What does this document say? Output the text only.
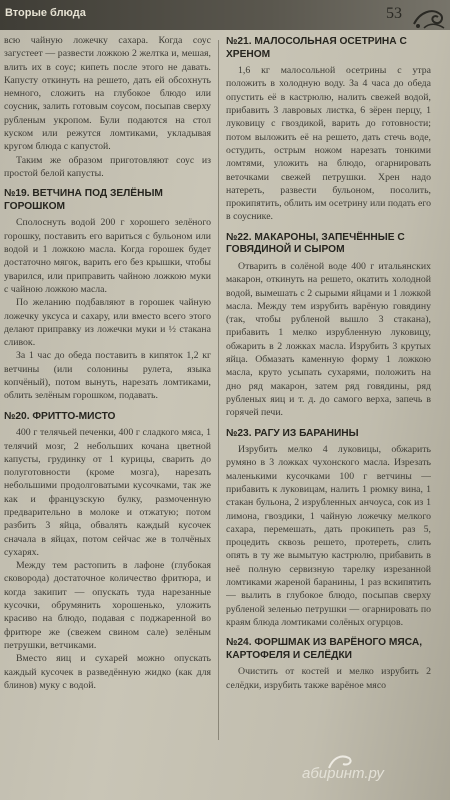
Вторые блюда	53

всю чайную ложечку сахара. Когда соус загустеет — развести ложкою 2 желтка и, мешая, влить их в соус; кипеть после этого не давать. Капусту откинуть на решето, дать ей обсохнуть немного, сложить на глубокое блюдо или соусник, залить готовым соусом, посыпав сверху рубленым укропом. Були подаются на стол куском или режутся ломтиками, укладывая кругом блюда с капустой.

Таким же образом приготовляют соус из простой белой капусты.

№19. ВЕТЧИНА ПОД ЗЕЛЁНЫМ ГОРОШКОМ

Сполоснуть водой 200 г хорошего зелёного горошку, поставить его вариться с бульоном или водой и 1 ложкою масла. Когда горошек будет достаточно мягок, варить его без крышки, чтобы уварился, или приправить чайною ложкою муки с чайною ложкою масла.

По желанию подбавляют в горошек чайную ложечку уксуса и сахару, или вместо всего этого делают приправку из ложечки муки и ½ стакана сливок.

За 1 час до обеда поставить в кипяток 1,2 кг ветчины (или солонины рулета, языка копчёный), потом вынуть, нарезать ломтиками, облить зелёным горошком, подавать.

№20. ФРИТТО-МИСТО

400 г телячьей печенки, 400 г сладкого мяса, 1 телячий мозг, 2 небольших кочана цветной капусты, грудинку от 1 курицы, сварить до полуготовности (кроме мозга), нарезать небольшими продолговатыми кусочками, так же как и французскую булку, размоченную предварительно в молоке и отжатую; потом разбить 3 яйца, обвалять каждый кусочек сначала в яйцах, потом сейчас же в толчёных сухарях.

Между тем растопить в лафоне (глубокая сковорода) достаточное количество фритюра, и когда закипит — опускать туда нарезанные кусочки, обрумянить хорошенько, уложить красиво на блюдо, подавая с поджаренной во фритюре же (свежем свином сале) зелёным петрушки, ветчиками.

Вместо яиц и сухарей можно опускать каждый кусочек в разведённую жидко (как для блинов) муку с водой.

№21. МАЛОСОЛЬНАЯ ОСЕТРИНА С ХРЕНОМ

1,6 кг малосольной осетрины с утра положить в холодную воду. За 4 часа до обеда опустить её в кастрюлю, налить свежей водой, прибавить 3 лавровых листка, 6 зёрен перцу, 1 луковицу с гвоздикой, варить до готовности; потом выложить её на решето, дать стечь воде, остудить, острым ножом нарезать тонкими ломтями, уложить на блюдо, огарнировать веточками свежей петрушки. Хрен надо натереть, развести бульоном, посолить, прокипятить, облить им осетрину или подать его в соуснике.

№22. МАКАРОНЫ, ЗАПЕЧЁННЫЕ С ГОВЯДИНОЙ И СЫРОМ

Отварить в солёной воде 400 г итальянских макарон, откинуть на решето, окатить холодной водой, вымешать с 2 сырыми яйцами и 1 ложкой масла. Между тем изрубить варёную говядину (так, чтобы рубленой вышло 3 стакана), прибавить 1 мелко изрубленную луковицу, обжарить в 2 ложках масла. Изрубить 3 крутых яйца. Обмазать каменную форму 1 ложкою масла, круто усыпать сухарями, положить на дно ряд макарон, затем ряд говядины, ряд рубленых яиц и т. д. до самого верха, запечь в горячей печи.

№23. РАГУ ИЗ БАРАНИНЫ

Изрубить мелко 4 луковицы, обжарить румяно в 3 ложках чухонского масла. Изрезать маленькими кусочками 100 г ветчины — прибавить к луковицам, налить 1 рюмку вина, 1 стакан бульона, 2 изрубленных анчоуса, сок из 1 лимона, гвоздики, 1 чайную ложечку мелкого сахара, перемешать, дать прокипеть раз 5, процедить сквозь решето, протереть, слить опять в ту же вымытую кастрюлю, прибавить в неё полную сервизную тарелку изрезанной ломтиками жареной баранины, 1 раз вскипятить — вылить в глубокое блюдо, посыпав сверху рубленой зеленью петрушки — огарнировать по краям блюда ломтиками солёных огурцов.

№24. ФОРШМАК ИЗ ВАРЁНОГО МЯСА, КАРТОФЕЛЯ И СЕЛЁДКИ

Очистить от костей и мелко изрубить 2 селёдки, изрубить также варёное мясо

абиринт.ру
